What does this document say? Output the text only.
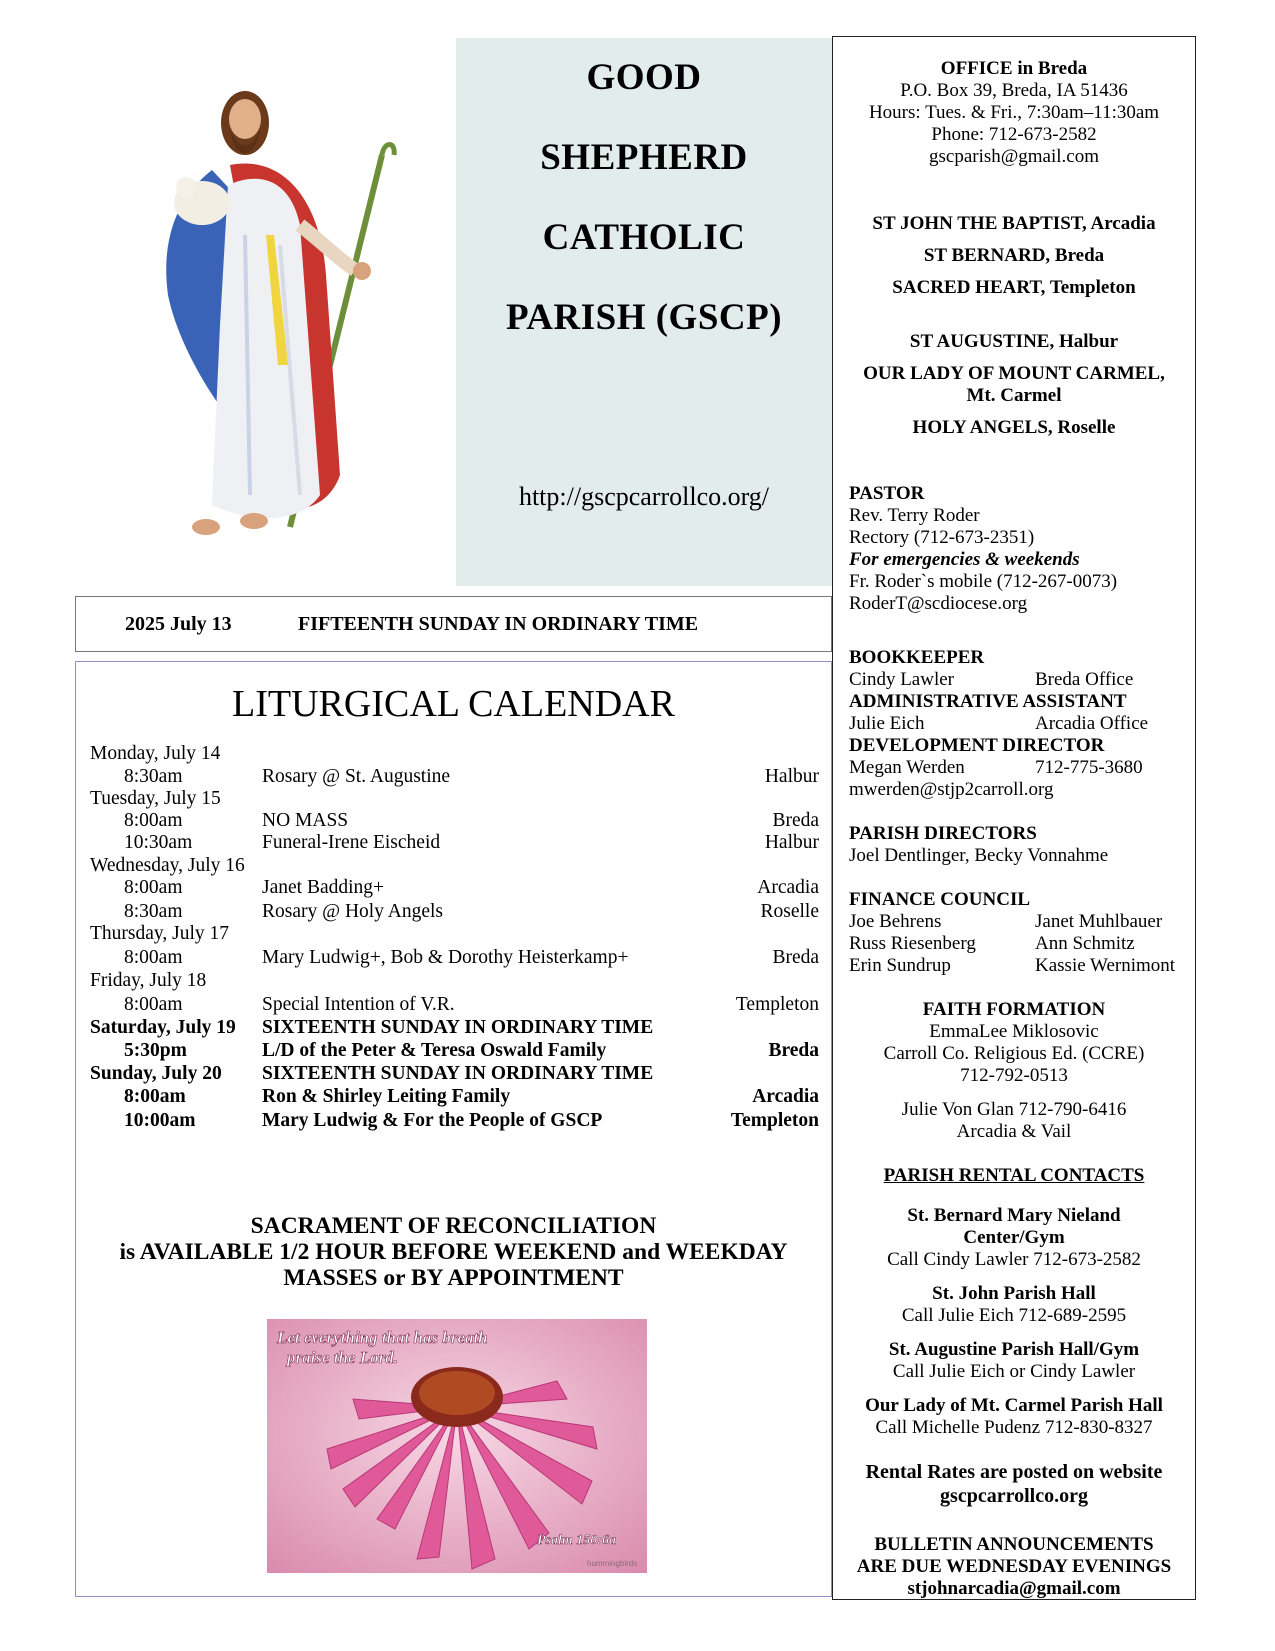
GOOD
SHEPHERD
CATHOLIC
PARISH (GSCP)
http://gscpcarrollco.org/
OFFICE in Breda
P.O. Box 39, Breda, IA 51436
Hours: Tues. & Fri., 7:30am–11:30am
Phone: 712-673-2582
gscparish@gmail.com
ST JOHN THE BAPTIST, Arcadia
ST BERNARD, Breda
SACRED HEART, Templeton
ST AUGUSTINE, Halbur
OUR LADY OF MOUNT CARMEL,
Mt. Carmel
HOLY ANGELS, Roselle
PASTOR
Rev. Terry Roder
Rectory (712-673-2351)
For emergencies & weekends
Fr. Roder`s mobile (712-267-0073)
RoderT@scdiocese.org
BOOKKEEPER
Cindy Lawler	Breda Office
ADMINISTRATIVE ASSISTANT
Julie Eich	Arcadia Office
DEVELOPMENT DIRECTOR
Megan Werden	712-775-3680
mwerden@stjp2carroll.org
PARISH DIRECTORS
Joel Dentlinger, Becky Vonnahme
FINANCE COUNCIL
Joe Behrens	Janet Muhlbauer
Russ Riesenberg	Ann Schmitz
Erin Sundrup	Kassie Wernimont
FAITH FORMATION
EmmaLee Miklosovic
Carroll Co. Religious Ed. (CCRE)
712-792-0513
Julie Von Glan 712-790-6416
Arcadia & Vail
PARISH RENTAL CONTACTS
St. Bernard Mary Nieland
Center/Gym
Call Cindy Lawler 712-673-2582
St. John Parish Hall
Call Julie Eich 712-689-2595
St. Augustine Parish Hall/Gym
Call Julie Eich or Cindy Lawler
Our Lady of Mt. Carmel Parish Hall
Call Michelle Pudenz 712-830-8327
Rental Rates are posted on website
gscpcarrollco.org
BULLETIN ANNOUNCEMENTS
ARE DUE WEDNESDAY EVENINGS
stjohnarcadia@gmail.com
2025 July 13	FIFTEENTH SUNDAY IN ORDINARY TIME
LITURGICAL CALENDAR
Monday, July 14
8:30am	Rosary @ St. Augustine	Halbur
Tuesday, July 15
8:00am	NO MASS	Breda
10:30am	Funeral-Irene Eischeid	Halbur
Wednesday, July 16
8:00am	Janet Badding+	Arcadia
8:30am	Rosary @ Holy Angels	Roselle
Thursday, July 17
8:00am	Mary Ludwig+, Bob & Dorothy Heisterkamp+	Breda
Friday, July 18
8:00am	Special Intention of V.R.	Templeton
Saturday, July 19 SIXTEENTH SUNDAY IN ORDINARY TIME
5:30pm	L/D of the Peter & Teresa Oswald Family	Breda
Sunday, July 20 SIXTEENTH SUNDAY IN ORDINARY TIME
8:00am	Ron & Shirley Leiting Family	Arcadia
10:00am	Mary Ludwig & For the People of GSCP	Templeton
SACRAMENT OF RECONCILIATION
is AVAILABLE 1/2 HOUR BEFORE WEEKEND and WEEKDAY
MASSES or BY APPOINTMENT
Let everything that has breath
praise the Lord.
Psalm 150:6a
hummingbirds
